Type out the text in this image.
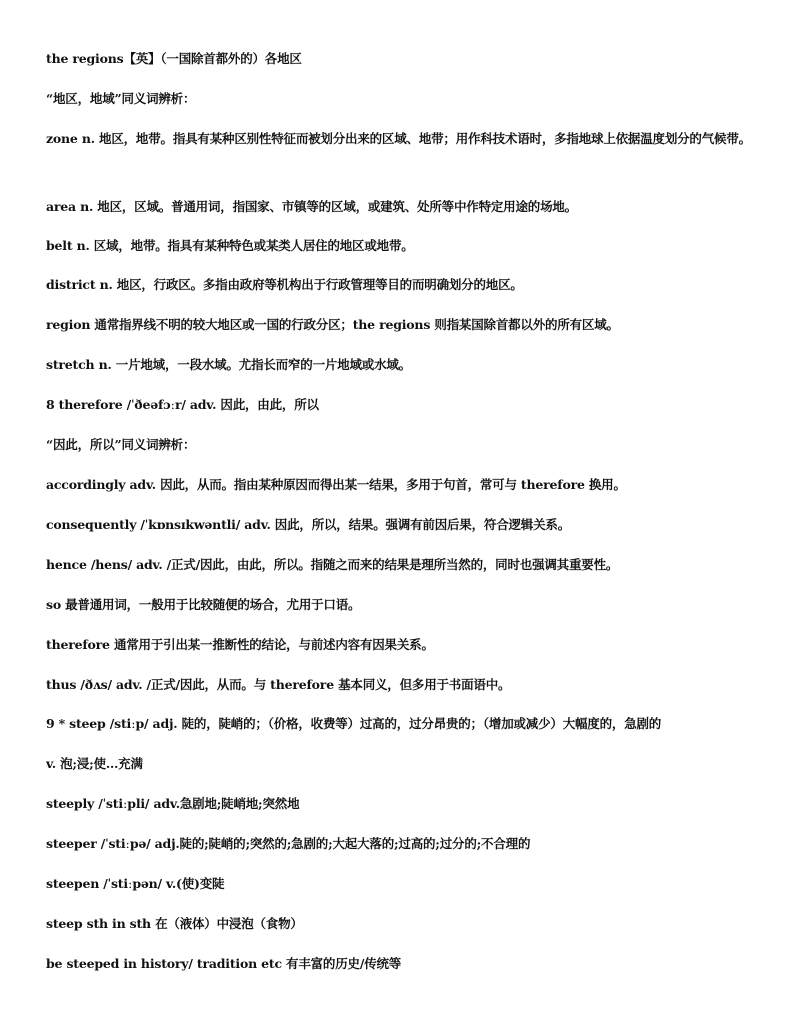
the regions【英】（一国除首都外的）各地区
“地区，地域”同义词辨析：
zone n. 地区，地带。指具有某种区别性特征而被划分出来的区域、地带；用作科技术语时，多指地球上依据温度划分的气候带。
area n. 地区，区域。普通用词，指国家、市镇等的区域，或建筑、处所等中作特定用途的场地。
belt n. 区域，地带。指具有某种特色或某类人居住的地区或地带。
district n. 地区，行政区。多指由政府等机构出于行政管理等目的而明确划分的地区。
region 通常指界线不明的较大地区或一国的行政分区；the regions 则指某国除首都以外的所有区域。
stretch n. 一片地域，一段水域。尤指长而窄的一片地域或水域。
8 therefore /ˈðeəfɔːr/ adv. 因此，由此，所以
“因此，所以”同义词辨析：
accordingly adv. 因此，从而。指由某种原因而得出某一结果，多用于句首，常可与 therefore 换用。
consequently /ˈkɒnsɪkwəntli/ adv. 因此，所以，结果。强调有前因后果，符合逻辑关系。
hence /hens/ adv. /正式/因此，由此，所以。指随之而来的结果是理所当然的，同时也强调其重要性。
so 最普通用词，一般用于比较随便的场合，尤用于口语。
therefore 通常用于引出某一推断性的结论，与前述内容有因果关系。
thus /ðʌs/ adv. /正式/因此，从而。与 therefore 基本同义，但多用于书面语中。
9 * steep /stiːp/ adj. 陡的，陡峭的；（价格，收费等）过高的，过分昂贵的；（增加或减少）大幅度的，急剧的
v. 泡;浸;使…充满
steeply /ˈstiːpli/ adv.急剧地;陡峭地;突然地
steeper /ˈstiːpə/ adj.陡的;陡峭的;突然的;急剧的;大起大落的;过高的;过分的;不合理的
steepen /ˈstiːpən/ v.(使)变陡
steep sth in sth 在（液体）中浸泡（食物）
be steeped in history/ tradition etc 有丰富的历史/传统等
